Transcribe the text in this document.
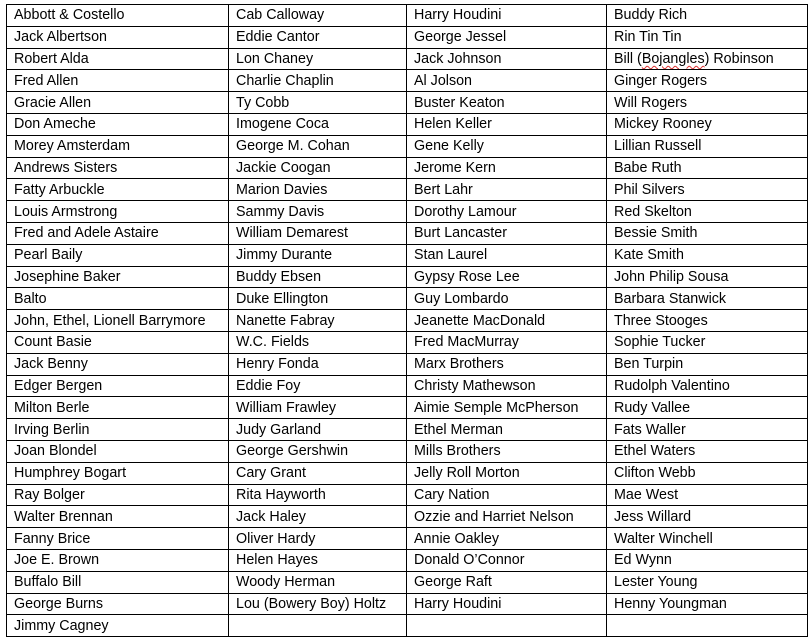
Abbott & Costello	Cab Calloway	Harry Houdini	Buddy Rich
Jack Albertson	Eddie Cantor	George Jessel	Rin Tin Tin
Robert Alda	Lon Chaney	Jack Johnson	Bill (Bojangles) Robinson
Fred Allen	Charlie Chaplin	Al Jolson	Ginger Rogers
Gracie Allen	Ty Cobb	Buster Keaton	Will Rogers
Don Ameche	Imogene Coca	Helen Keller	Mickey Rooney
Morey Amsterdam	George M. Cohan	Gene Kelly	Lillian Russell
Andrews Sisters	Jackie Coogan	Jerome Kern	Babe Ruth
Fatty Arbuckle	Marion Davies	Bert Lahr	Phil Silvers
Louis Armstrong	Sammy Davis	Dorothy Lamour	Red Skelton
Fred and Adele Astaire	William Demarest	Burt Lancaster	Bessie Smith
Pearl Baily	Jimmy Durante	Stan Laurel	Kate Smith
Josephine Baker	Buddy Ebsen	Gypsy Rose Lee	John Philip Sousa
Balto	Duke Ellington	Guy Lombardo	Barbara Stanwick
John, Ethel, Lionell Barrymore	Nanette Fabray	Jeanette MacDonald	Three Stooges
Count Basie	W.C. Fields	Fred MacMurray	Sophie Tucker
Jack Benny	Henry Fonda	Marx Brothers	Ben Turpin
Edger Bergen	Eddie Foy	Christy Mathewson	Rudolph Valentino
Milton Berle	William Frawley	Aimie Semple McPherson	Rudy Vallee
Irving Berlin	Judy Garland	Ethel Merman	Fats Waller
Joan Blondel	George Gershwin	Mills Brothers	Ethel Waters
Humphrey Bogart	Cary Grant	Jelly Roll Morton	Clifton Webb
Ray Bolger	Rita Hayworth	Cary Nation	Mae West
Walter Brennan	Jack Haley	Ozzie and Harriet Nelson	Jess Willard
Fanny Brice	Oliver Hardy	Annie Oakley	Walter Winchell
Joe E. Brown	Helen Hayes	Donald O’Connor	Ed Wynn
Buffalo Bill	Woody Herman	George Raft	Lester Young
George Burns	Lou (Bowery Boy) Holtz	Harry Houdini	Henny Youngman
Jimmy Cagney			
